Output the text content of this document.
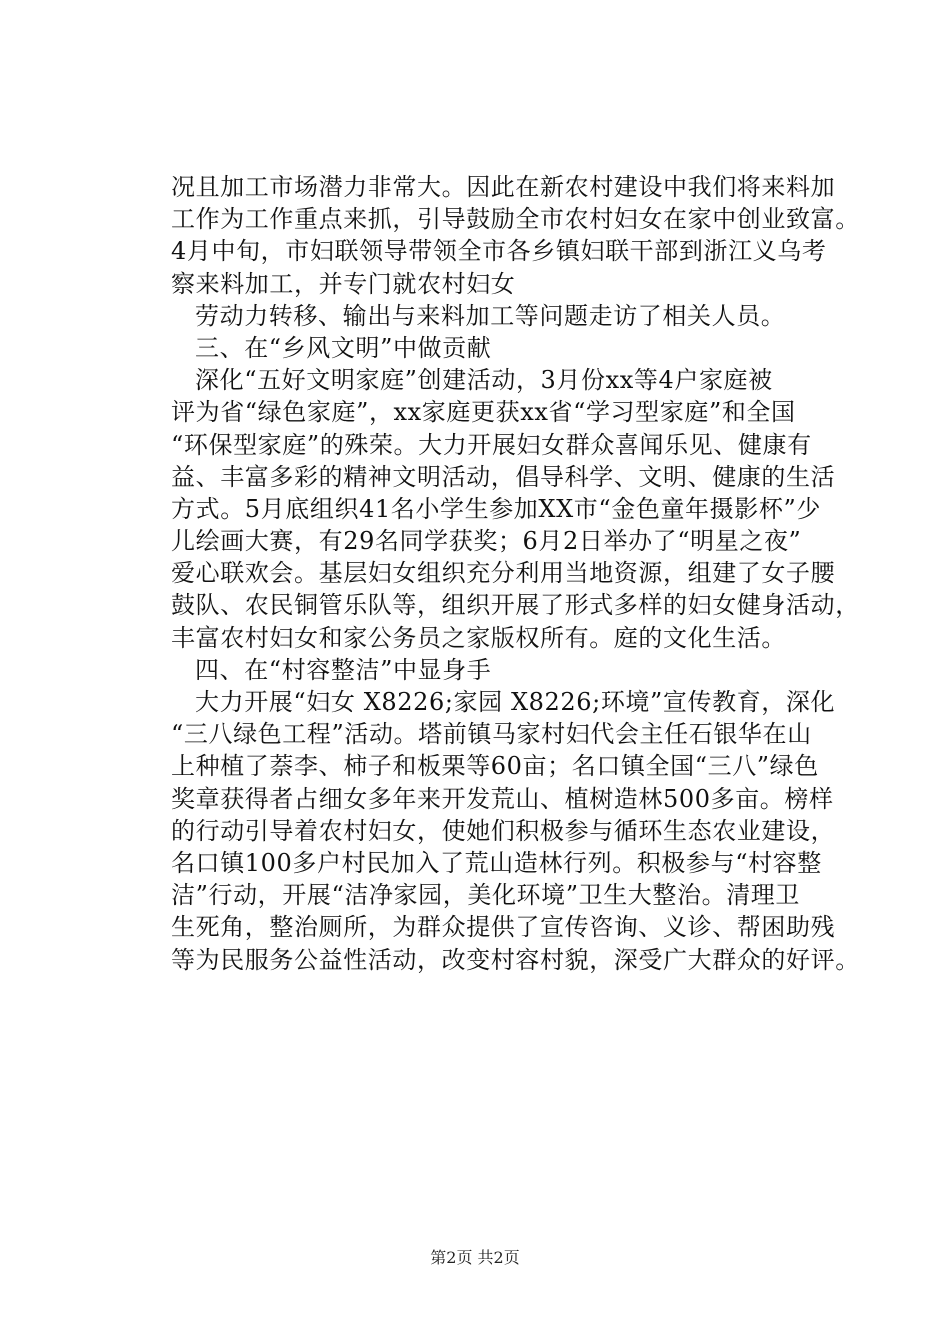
况且加工市场潜力非常大。因此在新农村建设中我们将来料加
工作为工作重点来抓，引导鼓励全市农村妇女在家中创业致富。
4月中旬，市妇联领导带领全市各乡镇妇联干部到浙江义乌考
察来料加工，并专门就农村妇女
劳动力转移、输出与来料加工等问题走访了相关人员。
三、在“乡风文明”中做贡献
深化“五好文明家庭”创建活动，3月份xx等4户家庭被
评为省“绿色家庭”，xx家庭更获xx省“学习型家庭”和全国
“环保型家庭”的殊荣。大力开展妇女群众喜闻乐见、健康有
益、丰富多彩的精神文明活动，倡导科学、文明、健康的生活
方式。5月底组织41名小学生参加XX市“金色童年摄影杯”少
儿绘画大赛，有29名同学获奖；6月2日举办了“明星之夜”
爱心联欢会。基层妇女组织充分利用当地资源，组建了女子腰
鼓队、农民铜管乐队等，组织开展了形式多样的妇女健身活动，
丰富农村妇女和家公务员之家版权所有。庭的文化生活。
四、在“村容整洁”中显身手
大力开展“妇女 X8226;家园 X8226;环境”宣传教育，深化
“三八绿色工程”活动。塔前镇马家村妇代会主任石银华在山
上种植了萘李、柿子和板栗等60亩；名口镇全国“三八”绿色
奖章获得者占细女多年来开发荒山、植树造林500多亩。榜样
的行动引导着农村妇女，使她们积极参与循环生态农业建设，
名口镇100多户村民加入了荒山造林行列。积极参与“村容整
洁”行动，开展“洁净家园，美化环境”卫生大整治。清理卫
生死角，整治厕所，为群众提供了宣传咨询、义诊、帮困助残
等为民服务公益性活动，改变村容村貌，深受广大群众的好评。
第2页 共2页
